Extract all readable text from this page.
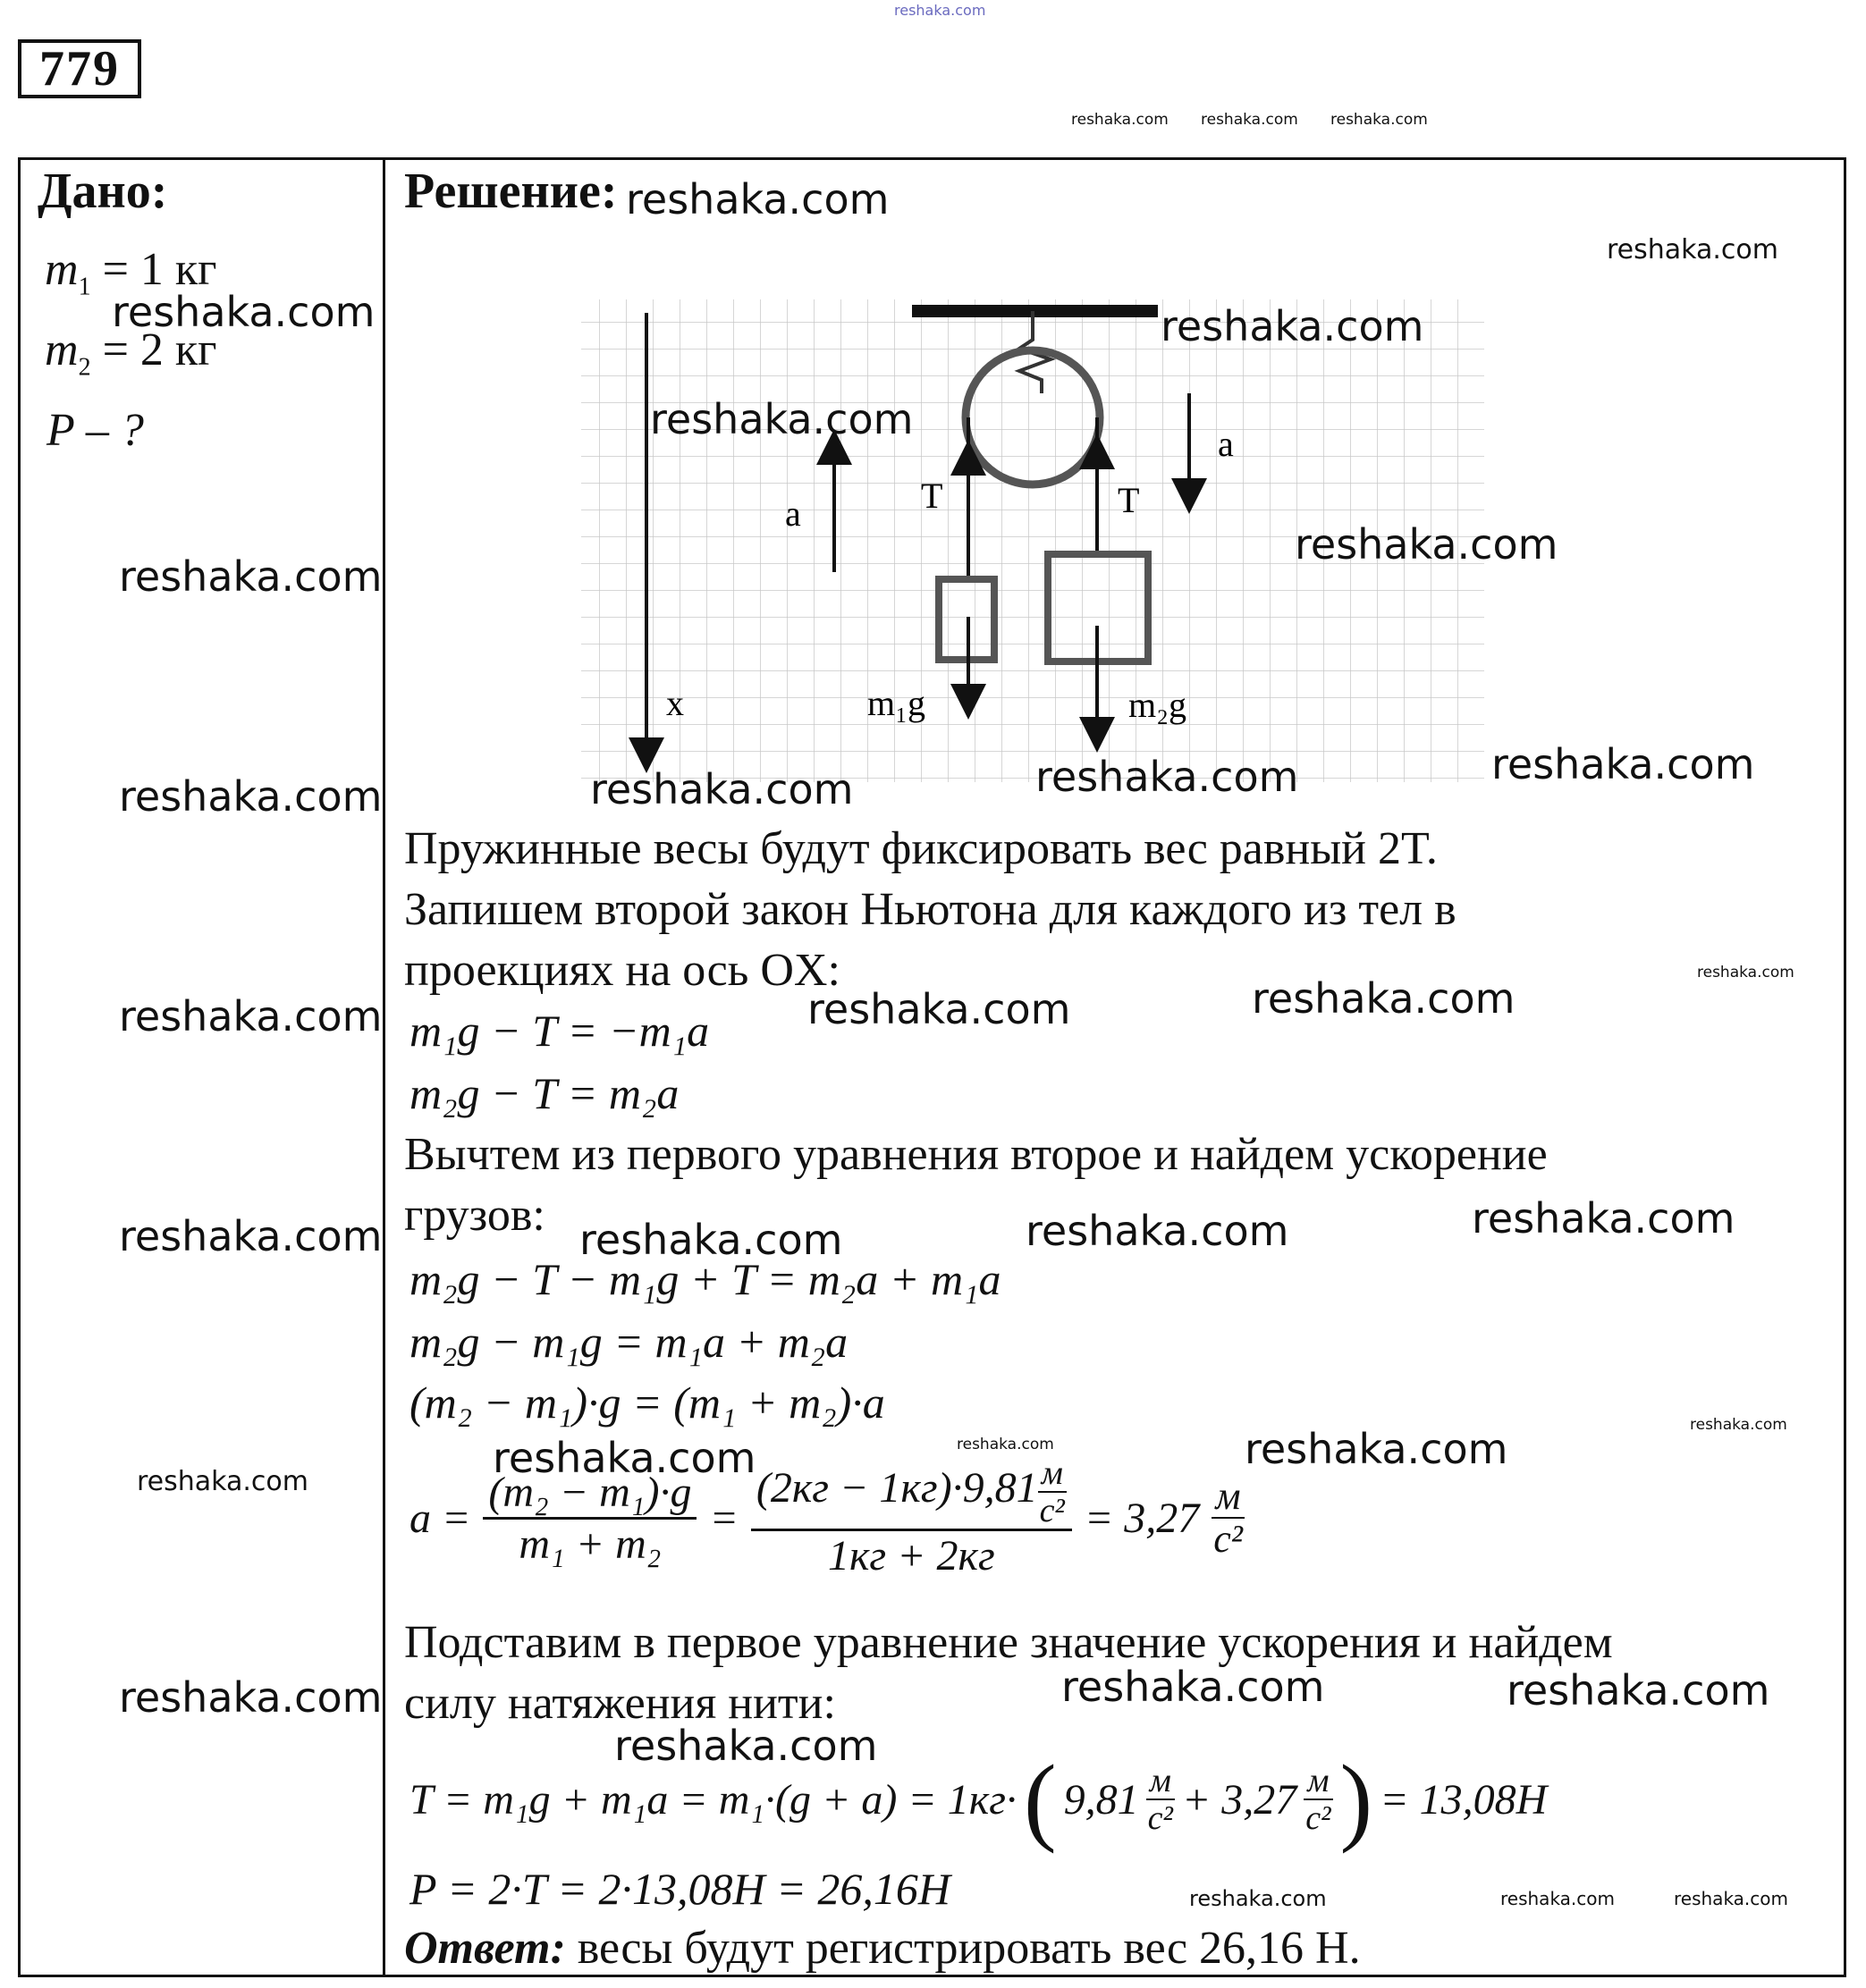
779
Дано:
$m_1 = 1$ кг
$m_2 = 2$ кг
P – ?
Решение:
a
a
T	T
x	m₁g	m₂g
Пружинные весы будут фиксировать вес равный 2T.
Запишем второй закон Ньютона для каждого из тел в
проекциях на ось OX:
m₁g − T = −m₁a
m₂g − T = m₂a
Вычтем из первого уравнения второе и найдем ускорение
грузов:
m₂g − T − m₁g + T = m₂a + m₁a
m₂g − m₁g = m₁a + m₂a
(m₂ − m₁)·g = (m₁ + m₂)·a
$a = \frac{\text{(m₂ − m₁)·g}}{\text{m₁ + m₂}} = \frac{(2кг - 1кг)\cdot 9,81 \frac{м}{\text{с²}}}{1кг + 2кг} = 3,27 \frac{м}{\text{с²}}$
Подставим в первое уравнение значение ускорения и найдем
силу натяжения нити:
T = m₁g + m₁a = m₁·(g + a) = 1кг· ( $9,81 \frac{м}{\text{с²}} + 3,27 \frac{м}{\text{с²}}$ ) = 13,08H
P = 2·T = 2·13,08H = 26,16H
Ответ: весы будут регистрировать вес 26,16 Н.
reshaka.com
reshaka.com reshaka.com reshaka.com
reshaka.com
reshaka.com
reshaka.com	reshaka.com
reshaka.com
reshaka.com
reshaka.com
reshaka.com
reshaka.com
reshaka.com
reshaka.com
reshaka.com
reshaka.com
reshaka.com
reshaka.com
reshaka.com
reshaka.com
reshaka.com
reshaka.com
reshaka.com
reshaka.com	reshaka.com
reshaka.com
reshaka.com
reshaka.com	reshaka.com
reshaka.com
reshaka.com
reshaka.com	reshaka.com	reshaka.com
